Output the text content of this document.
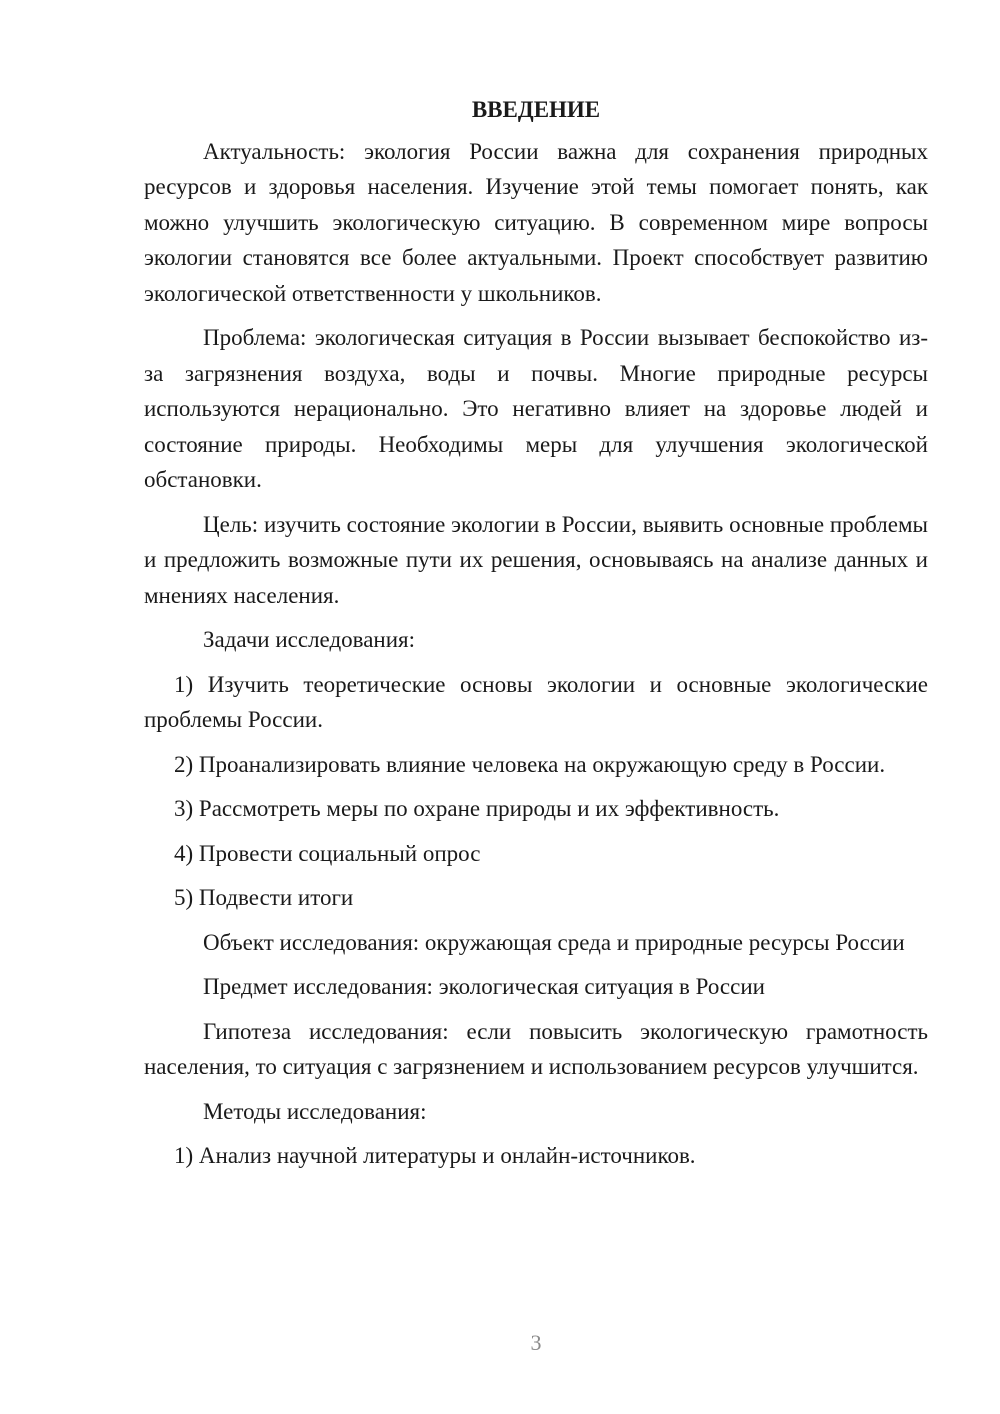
ВВЕДЕНИЕ

Актуальность: экология России важна для сохранения природных ресурсов и здоровья населения. Изучение этой темы помогает понять, как можно улучшить экологическую ситуацию. В современном мире вопросы экологии становятся все более актуальными. Проект способствует развитию экологической ответственности у школьников.

Проблема: экологическая ситуация в России вызывает беспокойство из-за загрязнения воздуха, воды и почвы. Многие природные ресурсы используются нерационально. Это негативно влияет на здоровье людей и состояние природы. Необходимы меры для улучшения экологической обстановки.

Цель: изучить состояние экологии в России, выявить основные проблемы и предложить возможные пути их решения, основываясь на анализе данных и мнениях населения.

Задачи исследования:

1) Изучить теоретические основы экологии и основные экологические проблемы России.

2) Проанализировать влияние человека на окружающую среду в России.

3) Рассмотреть меры по охране природы и их эффективность.

4) Провести социальный опрос

5) Подвести итоги

Объект исследования: окружающая среда и природные ресурсы России

Предмет исследования: экологическая ситуация в России

Гипотеза исследования: если повысить экологическую грамотность населения, то ситуация с загрязнением и использованием ресурсов улучшится.

Методы исследования:

1) Анализ научной литературы и онлайн-источников.

3
